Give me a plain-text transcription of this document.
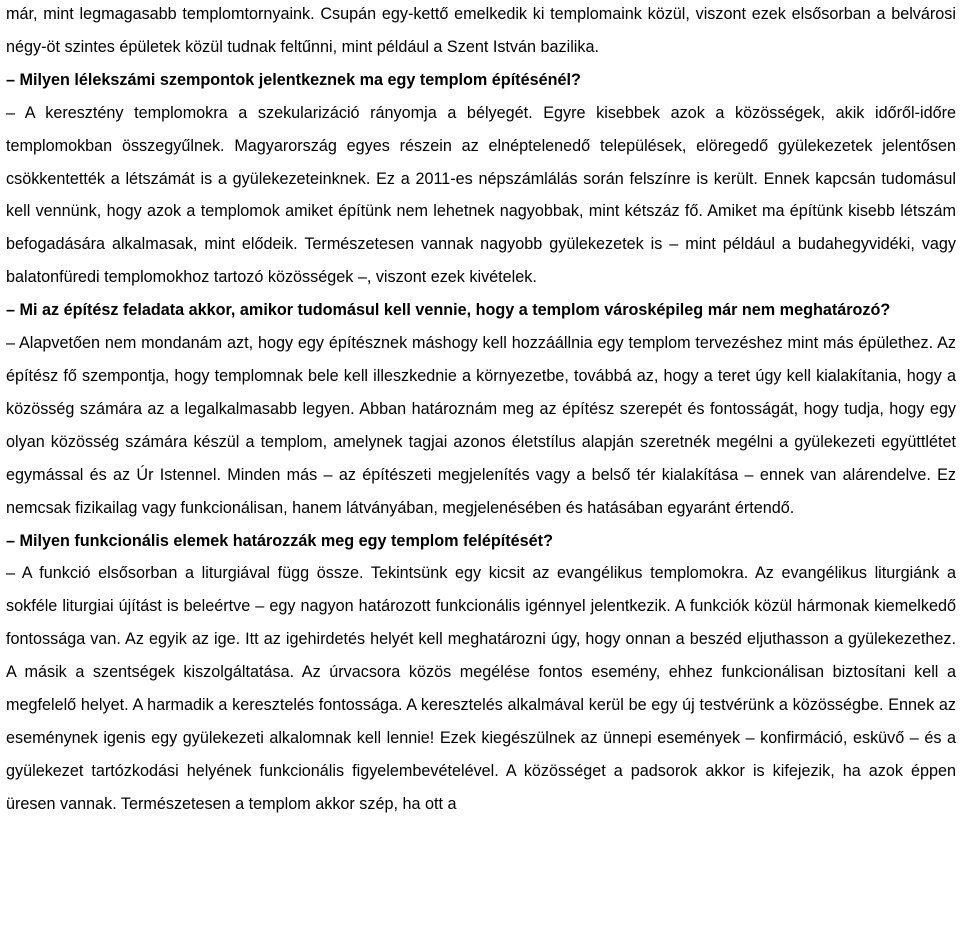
már, mint legmagasabb templomtornyaink. Csupán egy-kettő emelkedik ki templomaink közül, viszont ezek elsősorban a belvárosi négy-öt szintes épületek közül tudnak feltűnni, mint például a Szent István bazilika.

– Milyen lélekszámi szempontok jelentkeznek ma egy templom építésénél?

– A keresztény templomokra a szekularizáció rányomja a bélyegét. Egyre kisebbek azok a közösségek, akik időről-időre templomokban összegyűlnek. Magyarország egyes részein az elnéptelenedő települések, elöregedő gyülekezetek jelentősen csökkentették a létszámát is a gyülekezeteinknek. Ez a 2011-es népszámlálás során felszínre is került. Ennek kapcsán tudomásul kell vennünk, hogy azok a templomok amiket építünk nem lehetnek nagyobbak, mint kétszáz fő. Amiket ma építünk kisebb létszám befogadására alkalmasak, mint elődeik. Természetesen vannak nagyobb gyülekezetek is – mint például a budahegyvidéki, vagy balatonfüredi templomokhoz tartozó közösségek –, viszont ezek kivételek.

– Mi az építész feladata akkor, amikor tudomásul kell vennie, hogy a templom városképileg már nem meghatározó?

– Alapvetően nem mondanám azt, hogy egy építésznek máshogy kell hozzáállnia egy templom tervezéshez mint más épülethez. Az építész fő szempontja, hogy templomnak bele kell illeszkednie a környezetbe, továbbá az, hogy a teret úgy kell kialakítania, hogy a közösség számára az a legalkalmasabb legyen. Abban határoznám meg az építész szerepét és fontosságát, hogy tudja, hogy egy olyan közösség számára készül a templom, amelynek tagjai azonos életstílus alapján szeretnék megélni a gyülekezeti együttlétet egymással és az Úr Istennel. Minden más – az építészeti megjelenítés vagy a belső tér kialakítása – ennek van alárendelve. Ez nemcsak fizikailag vagy funkcionálisan, hanem látványában, megjelenésében és hatásában egyaránt értendő.

– Milyen funkcionális elemek határozzák meg egy templom felépítését?

– A funkció elsősorban a liturgiával függ össze. Tekintsünk egy kicsit az evangélikus templomokra. Az evangélikus liturgiánk a sokféle liturgiai újítást is beleértve – egy nagyon határozott funkcionális igénnyel jelentkezik. A funkciók közül hármonak kiemelkedő fontossága van. Az egyik az ige. Itt az igehirdetés helyét kell meghatározni úgy, hogy onnan a beszéd eljuthasson a gyülekezethez. A másik a szentségek kiszolgáltatása. Az úrvacsora közös megélése fontos esemény, ehhez funkcionálisan biztosítani kell a megfelelő helyet. A harmadik a keresztelés fontossága. A keresztelés alkalmával kerül be egy új testvérünk a közösségbe. Ennek az eseménynek igenis egy gyülekezeti alkalomnak kell lennie! Ezek kiegészülnek az ünnepi események – konfirmáció, esküvő – és a gyülekezet tartózkodási helyének funkcionális figyelembevételével. A közösséget a padsorok akkor is kifejezik, ha azok éppen üresen vannak. Természetesen a templom akkor szép, ha ott a
